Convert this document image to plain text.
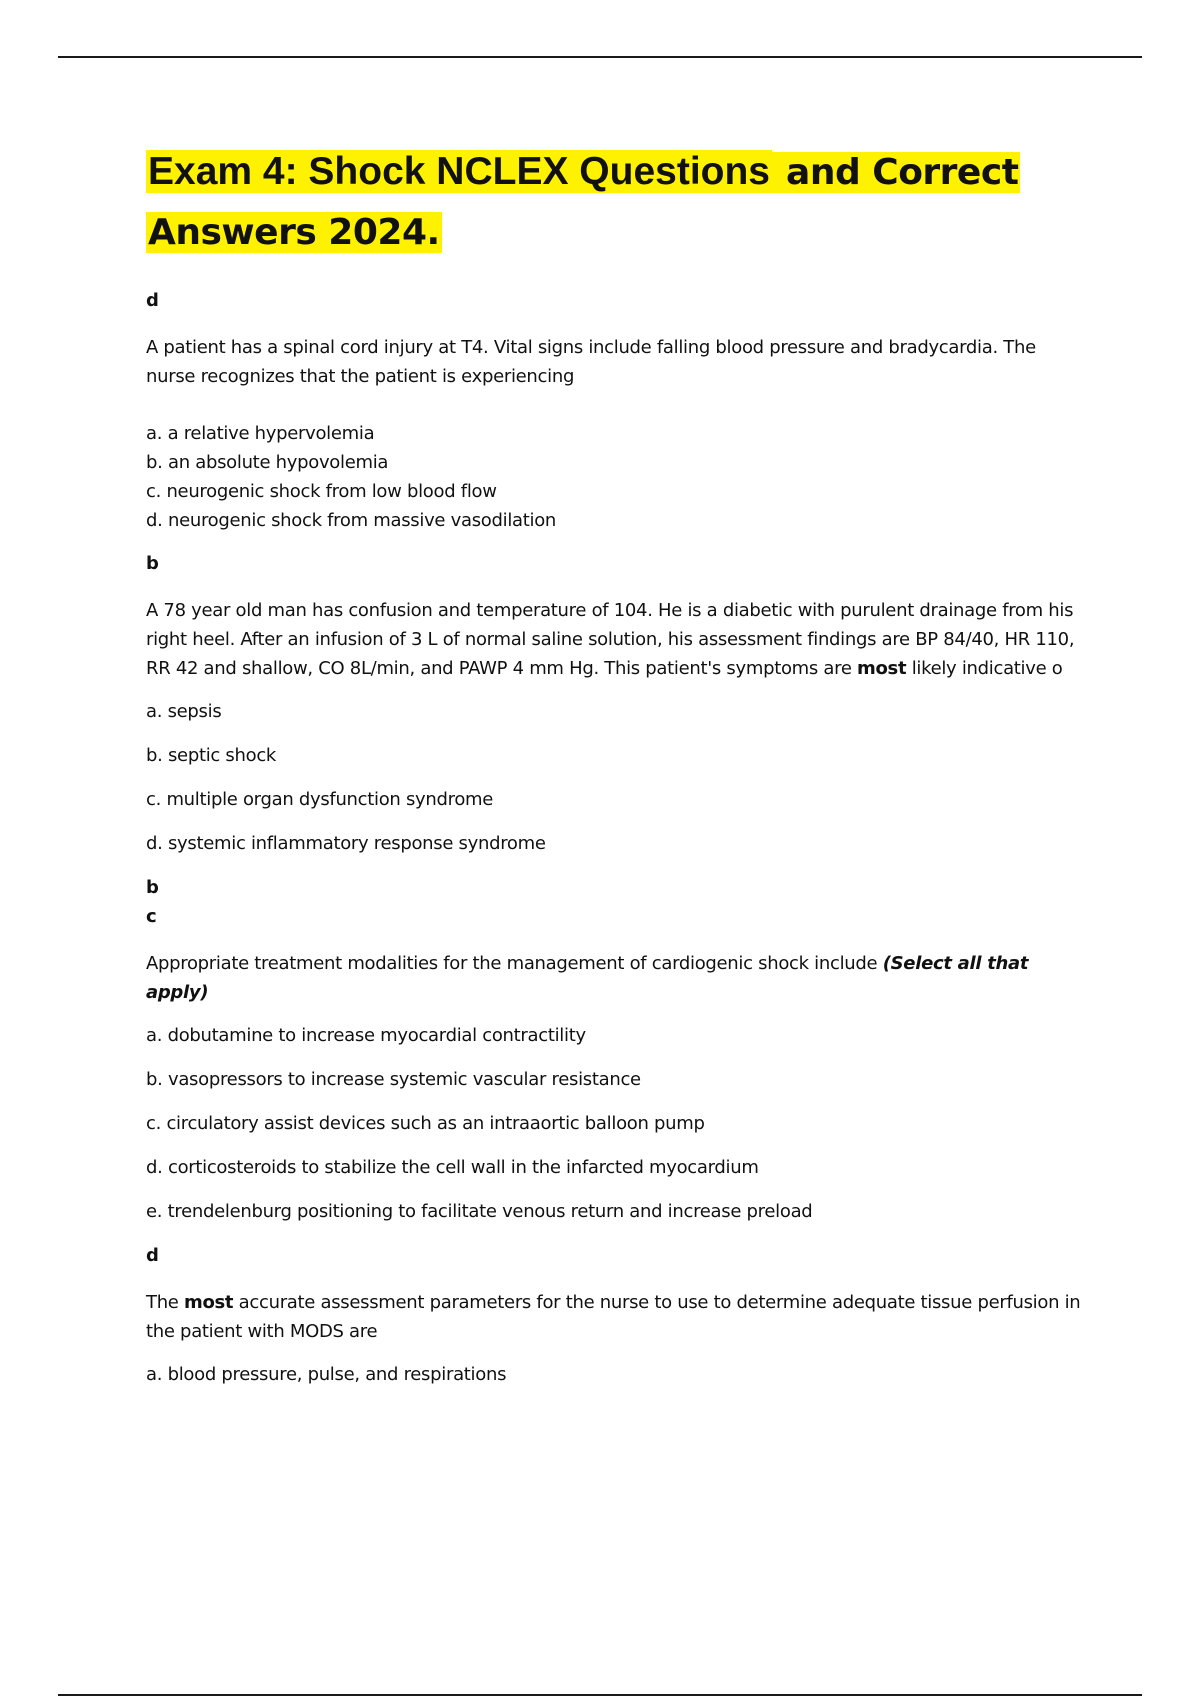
Exam 4: Shock NCLEX Questions and Correct Answers 2024.

d

A patient has a spinal cord injury at T4. Vital signs include falling blood pressure and bradycardia. The nurse recognizes that the patient is experiencing

a. a relative hypervolemia

b. an absolute hypovolemia

c. neurogenic shock from low blood flow

d. neurogenic shock from massive vasodilation

b

A 78 year old man has confusion and temperature of 104. He is a diabetic with purulent drainage from his right heel. After an infusion of 3 L of normal saline solution, his assessment findings are BP 84/40, HR 110, RR 42 and shallow, CO 8L/min, and PAWP 4 mm Hg. This patient's symptoms are most likely indicative o

a. sepsis

b. septic shock

c. multiple organ dysfunction syndrome

d. systemic inflammatory response syndrome

b

c

Appropriate treatment modalities for the management of cardiogenic shock include (Select all that apply)

a. dobutamine to increase myocardial contractility

b. vasopressors to increase systemic vascular resistance

c. circulatory assist devices such as an intraaortic balloon pump

d. corticosteroids to stabilize the cell wall in the infarcted myocardium

e. trendelenburg positioning to facilitate venous return and increase preload

d

The most accurate assessment parameters for the nurse to use to determine adequate tissue perfusion in the patient with MODS are

a. blood pressure, pulse, and respirations
